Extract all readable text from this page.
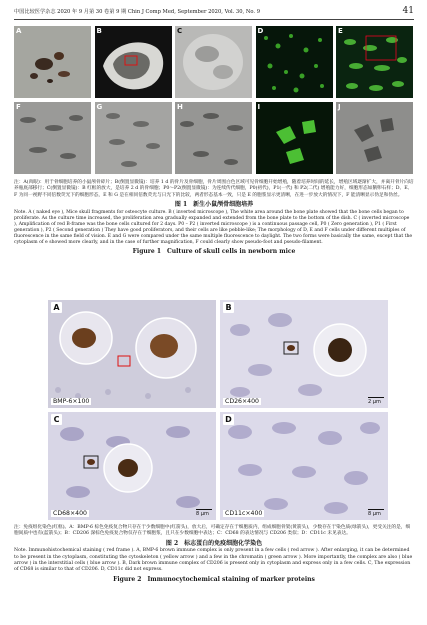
中国比较医学杂志 2020 年 9 月第 30 卷第 9 期 Chin J Comp Med, September 2020, Vol. 30, No. 9	41
A	B	C	D	E
F	G	H	I	J

注：A(肉眼)：用于骨细胞培养的小鼠颅骨碎片；B(倒置显微镜)：培养 1 d 的骨片及骨细胞，骨片周围白色区域可见骨细胞开始增殖，随着培养时间的延长，增殖区域逐渐扩大，并离开骨片向培养瓶底部移行；C(倒置显微镜)：B 红框的放大，是培养 2 d 的骨细胞；P0～P2(倒置显微镜)：为连续传代细胞，P0(初代)，P1(一代) 和 P2(二代) 增殖能力好，细胞形态如鹅卵石样；D、E、F 为同一视野不同倍数荧光下的细胞形态，E 和 G 是在相同倍数荧光与日光下的比较，两者形态基本一致，只是 E 的胞浆显示更清晰，在进一步放大的情况下，F 能清晰显示伪足和伪丝。

图 1　新生小鼠颅骨细胞培养

Note. A ( naked eye ), Mice skull fragments for osteocyte culture. B ( inverted microscope ), The white area around the bone plate showed that the bone cells began to proliferate. As the culture time increased, the proliferation area gradually expanded and extended from the bone plate to the bottom of the dish. C ( inverted microscope ), Amplification of red B-frame was the bone cells cultured for 2 days. P0 – P2 ( inverted microscope ) is a continuous passage cell, P0 ( Zero generation ), P1 ( First generation ), P2 ( Second generation ) They have good proliferators, and their cells are like pebble-like; The morphology of D, E and F cells under different multiples of fluorescence in the same field of vision. E and G were compared under the same multiple fluorescence to daylight. The two forms were basically the same, except that the cytoplasm of e showed more clearly, and in the case of further magnification, F could clearly show pseudo-foot and pseudo-filament.

Figure 1　Culture of skull cells in newborn mice
A
BMP-6×100
B
CD26×400	2 μm
C
CD68×400	8 μm
D
CD11c×400	8 μm

注：免疫组化染色(红框)。A：BMP-6 棕色免疫复合物只存在于少数细胞中(红箭头)，放大后，可确定存在于细胞质内，组成细胞骨架(黄箭头)，少数存在于染色质(绿箭头)，更受关注的是，细胞间质中也有(蓝箭头)；B：CD206 深棕色免疫复合物仅存在于细胞浆，且只在少数细胞中表达；C：CD68 的表达情况与 CD206 类似；D：CD11c 未见表达。

图 2　标志蛋白的免疫细胞化学染色

Note. Immunohistochemical staining ( red frame ). A, BMP-6 brown immune complex is only present in a few cells ( red arrow ). After enlarging, it can be determined to be present in the cytoplasm, constituting the cytoskeleton ( yellow arrow ) and a few in the chromatin ( green arrow ). More importantly, the complex are also ( blue arrow ) in the interstitial cells ( blue arrow ). B, Dark brown immune complex of CD206 is present only in cytoplasm and express only in a few cells. C, The expression of CD68 is similar to that of CD206. D, CD11c did not express.

Figure 2　Immunocytochemical staining of marker proteins
